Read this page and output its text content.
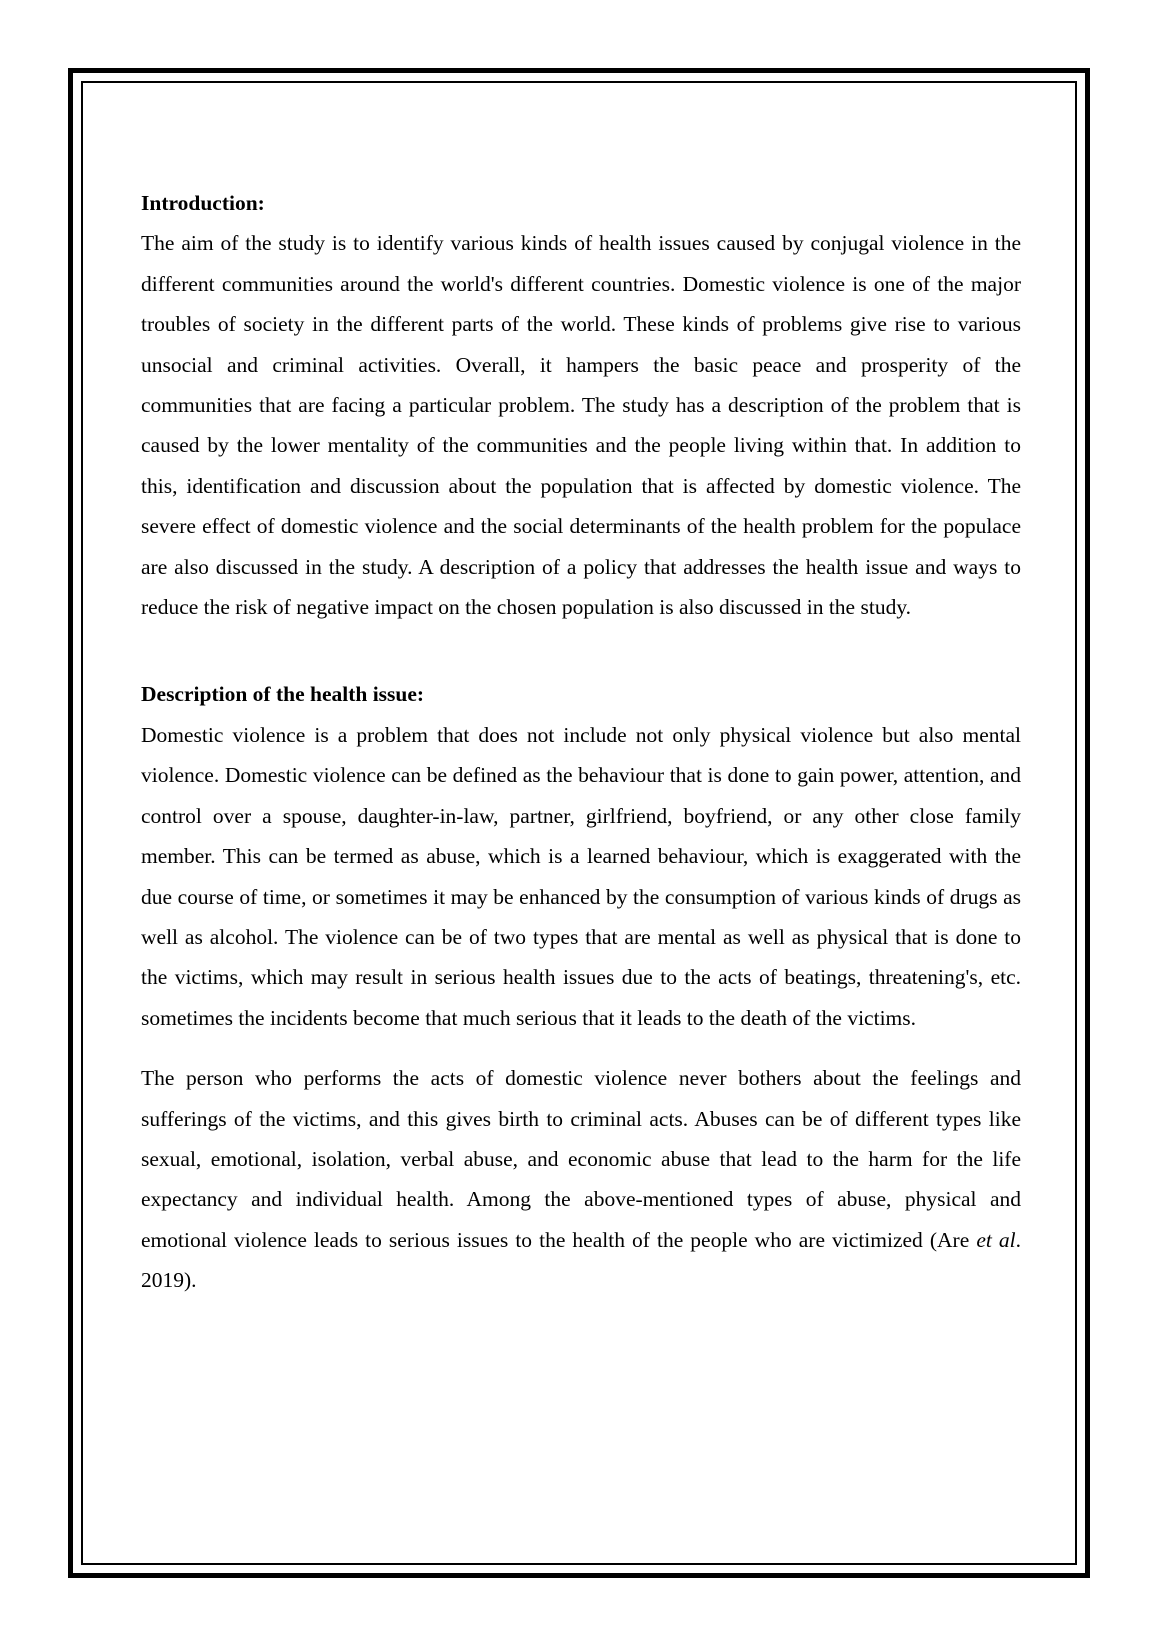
Introduction:

The aim of the study is to identify various kinds of health issues caused by conjugal violence in the different communities around the world's different countries. Domestic violence is one of the major troubles of society in the different parts of the world. These kinds of problems give rise to various unsocial and criminal activities. Overall, it hampers the basic peace and prosperity of the communities that are facing a particular problem. The study has a description of the problem that is caused by the lower mentality of the communities and the people living within that. In addition to this, identification and discussion about the population that is affected by domestic violence. The severe effect of domestic violence and the social determinants of the health problem for the populace are also discussed in the study. A description of a policy that addresses the health issue and ways to reduce the risk of negative impact on the chosen population is also discussed in the study.

Description of the health issue:

Domestic violence is a problem that does not include not only physical violence but also mental violence. Domestic violence can be defined as the behaviour that is done to gain power, attention, and control over a spouse, daughter-in-law, partner, girlfriend, boyfriend, or any other close family member. This can be termed as abuse, which is a learned behaviour, which is exaggerated with the due course of time, or sometimes it may be enhanced by the consumption of various kinds of drugs as well as alcohol. The violence can be of two types that are mental as well as physical that is done to the victims, which may result in serious health issues due to the acts of beatings, threatening's, etc. sometimes the incidents become that much serious that it leads to the death of the victims.

The person who performs the acts of domestic violence never bothers about the feelings and sufferings of the victims, and this gives birth to criminal acts. Abuses can be of different types like sexual, emotional, isolation, verbal abuse, and economic abuse that lead to the harm for the life expectancy and individual health. Among the above-mentioned types of abuse, physical and emotional violence leads to serious issues to the health of the people who are victimized (Are et al. 2019).
